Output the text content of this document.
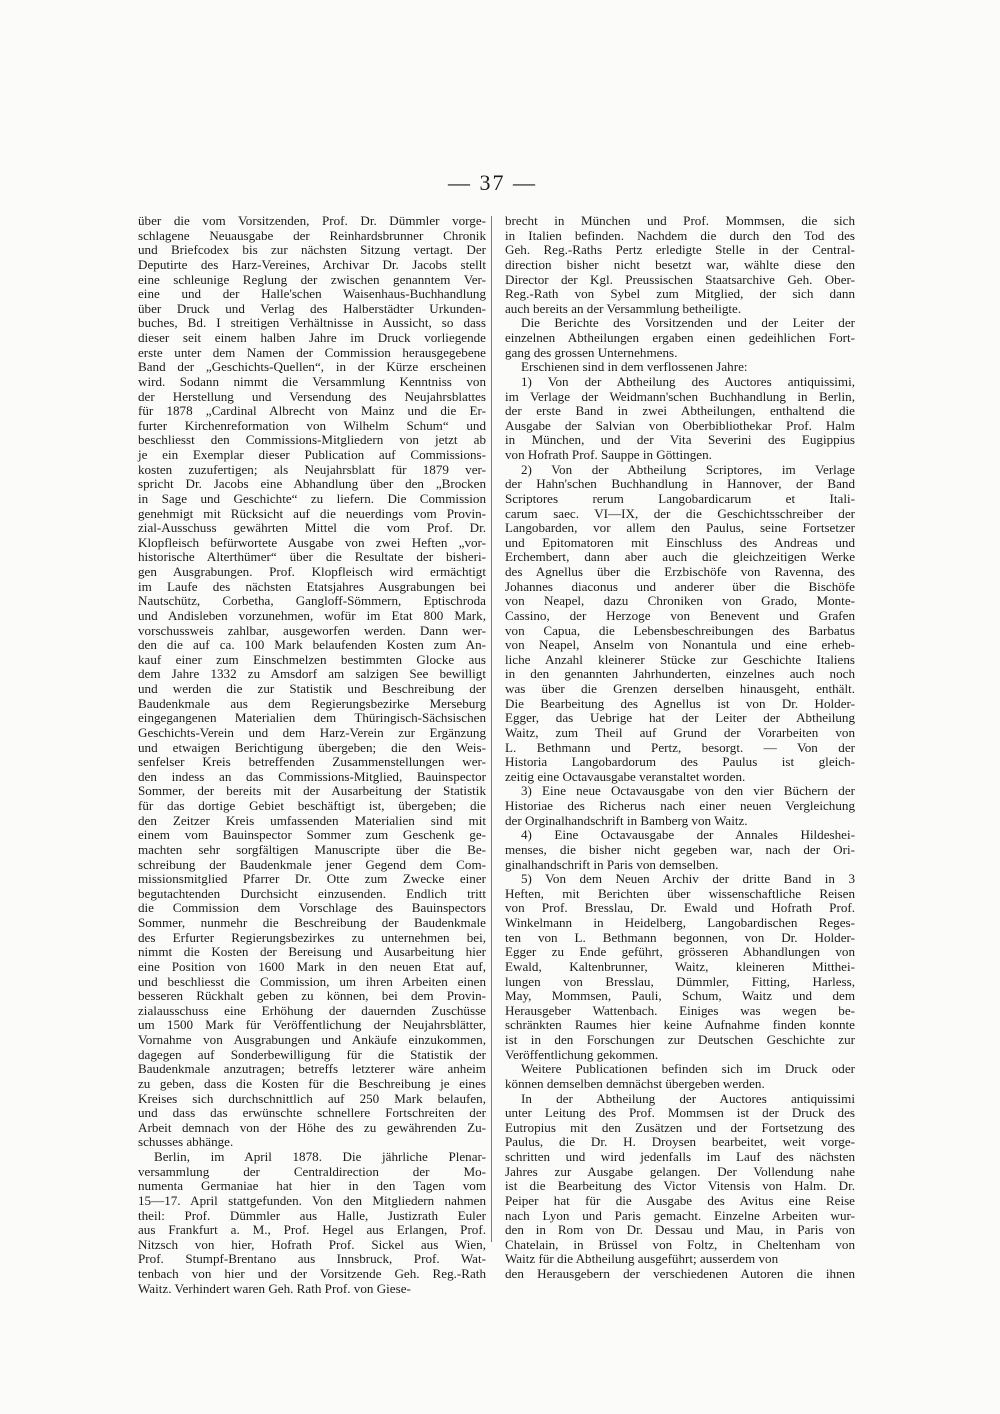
— 37 —
über die vom Vorsitzenden, Prof. Dr. Dümmler vorge-
schlagene Neuausgabe der Reinhardsbrunner Chronik
und Briefcodex bis zur nächsten Sitzung vertagt. Der
Deputirte des Harz-Vereines, Archivar Dr. Jacobs stellt
eine schleunige Reglung der zwischen genanntem Ver-
eine und der Halle'schen Waisenhaus-Buchhandlung
über Druck und Verlag des Halberstädter Urkunden-
buches, Bd. I streitigen Verhältnisse in Aussicht, so dass
dieser seit einem halben Jahre im Druck vorliegende
erste unter dem Namen der Commission herausgegebene
Band der „Geschichts-Quellen“, in der Kürze erscheinen
wird. Sodann nimmt die Versammlung Kenntniss von
der Herstellung und Versendung des Neujahrsblattes
für 1878 „Cardinal Albrecht von Mainz und die Er-
furter Kirchenreformation von Wilhelm Schum“ und
beschliesst den Commissions-Mitgliedern von jetzt ab
je ein Exemplar dieser Publication auf Commissions-
kosten zuzufertigen; als Neujahrsblatt für 1879 ver-
spricht Dr. Jacobs eine Abhandlung über den „Brocken
in Sage und Geschichte“ zu liefern. Die Commission
genehmigt mit Rücksicht auf die neuerdings vom Provin-
zial-Ausschuss gewährten Mittel die vom Prof. Dr.
Klopfleisch befürwortete Ausgabe von zwei Heften „vor-
historische Alterthümer“ über die Resultate der bisheri-
gen Ausgrabungen. Prof. Klopfleisch wird ermächtigt
im Laufe des nächsten Etatsjahres Ausgrabungen bei
Nautschütz, Corbetha, Gangloff-Sömmern, Eptischroda
und Andisleben vorzunehmen, wofür im Etat 800 Mark,
vorschussweis zahlbar, ausgeworfen werden. Dann wer-
den die auf ca. 100 Mark belaufenden Kosten zum An-
kauf einer zum Einschmelzen bestimmten Glocke aus
dem Jahre 1332 zu Amsdorf am salzigen See bewilligt
und werden die zur Statistik und Beschreibung der
Baudenkmale aus dem Regierungsbezirke Merseburg
eingegangenen Materialien dem Thüringisch-Sächsischen
Geschichts-Verein und dem Harz-Verein zur Ergänzung
und etwaigen Berichtigung übergeben; die den Weis-
senfelser Kreis betreffenden Zusammenstellungen wer-
den indess an das Commissions-Mitglied, Bauinspector
Sommer, der bereits mit der Ausarbeitung der Statistik
für das dortige Gebiet beschäftigt ist, übergeben; die
den Zeitzer Kreis umfassenden Materialien sind mit
einem vom Bauinspector Sommer zum Geschenk ge-
machten sehr sorgfältigen Manuscripte über die Be-
schreibung der Baudenkmale jener Gegend dem Com-
missionsmitglied Pfarrer Dr. Otte zum Zwecke einer
begutachtenden Durchsicht einzusenden. Endlich tritt
die Commission dem Vorschlage des Bauinspectors
Sommer, nunmehr die Beschreibung der Baudenkmale
des Erfurter Regierungsbezirkes zu unternehmen bei,
nimmt die Kosten der Bereisung und Ausarbeitung hier
eine Position von 1600 Mark in den neuen Etat auf,
und beschliesst die Commission, um ihren Arbeiten einen
besseren Rückhalt geben zu können, bei dem Provin-
zialausschuss eine Erhöhung der dauernden Zuschüsse
um 1500 Mark für Veröffentlichung der Neujahrsblätter,
Vornahme von Ausgrabungen und Ankäufe einzukommen,
dagegen auf Sonderbewilligung für die Statistik der
Baudenkmale anzutragen; betreffs letzterer wäre anheim
zu geben, dass die Kosten für die Beschreibung je eines
Kreises sich durchschnittlich auf 250 Mark belaufen,
und dass das erwünschte schnellere Fortschreiten der
Arbeit demnach von der Höhe des zu gewährenden Zu-
schusses abhänge.
Berlin, im April 1878. Die jährliche Plenar-
versammlung der Centraldirection der Mo-
numenta Germaniae hat hier in den Tagen vom
15—17. April stattgefunden. Von den Mitgliedern nahmen
theil: Prof. Dümmler aus Halle, Justizrath Euler
aus Frankfurt a. M., Prof. Hegel aus Erlangen, Prof.
Nitzsch von hier, Hofrath Prof. Sickel aus Wien,
Prof. Stumpf-Brentano aus Innsbruck, Prof. Wat-
tenbach von hier und der Vorsitzende Geh. Reg.-Rath
Waitz. Verhindert waren Geh. Rath Prof. von Giese-
brecht in München und Prof. Mommsen, die sich
in Italien befinden. Nachdem die durch den Tod des
Geh. Reg.-Raths Pertz erledigte Stelle in der Central-
direction bisher nicht besetzt war, wählte diese den
Director der Kgl. Preussischen Staatsarchive Geh. Ober-
Reg.-Rath von Sybel zum Mitglied, der sich dann
auch bereits an der Versammlung betheiligte.
Die Berichte des Vorsitzenden und der Leiter der
einzelnen Abtheilungen ergaben einen gedeihlichen Fort-
gang des grossen Unternehmens.
Erschienen sind in dem verflossenen Jahre:
1) Von der Abtheilung des Auctores antiquissimi,
im Verlage der Weidmann'schen Buchhandlung in Berlin,
der erste Band in zwei Abtheilungen, enthaltend die
Ausgabe der Salvian von Oberbibliothekar Prof. Halm
in München, und der Vita Severini des Eugippius
von Hofrath Prof. Sauppe in Göttingen.
2) Von der Abtheilung Scriptores, im Verlage
der Hahn'schen Buchhandlung in Hannover, der Band
Scriptores rerum Langobardicarum et Itali-
carum saec. VI—IX, der die Geschichtsschreiber der
Langobarden, vor allem den Paulus, seine Fortsetzer
und Epitomatoren mit Einschluss des Andreas und
Erchembert, dann aber auch die gleichzeitigen Werke
des Agnellus über die Erzbischöfe von Ravenna, des
Johannes diaconus und anderer über die Bischöfe
von Neapel, dazu Chroniken von Grado, Monte-
Cassino, der Herzoge von Benevent und Grafen
von Capua, die Lebensbeschreibungen des Barbatus
von Neapel, Anselm von Nonantula und eine erheb-
liche Anzahl kleinerer Stücke zur Geschichte Italiens
in den genannten Jahrhunderten, einzelnes auch noch
was über die Grenzen derselben hinausgeht, enthält.
Die Bearbeitung des Agnellus ist von Dr. Holder-
Egger, das Uebrige hat der Leiter der Abtheilung
Waitz, zum Theil auf Grund der Vorarbeiten von
L. Bethmann und Pertz, besorgt. — Von der
Historia Langobardorum des Paulus ist gleich-
zeitig eine Octavausgabe veranstaltet worden.
3) Eine neue Octavausgabe von den vier Büchern der
Historiae des Richerus nach einer neuen Vergleichung
der Orginalhandschrift in Bamberg von Waitz.
4) Eine Octavausgabe der Annales Hildeshei-
menses, die bisher nicht gegeben war, nach der Ori-
ginalhandschrift in Paris von demselben.
5) Von dem Neuen Archiv der dritte Band in 3
Heften, mit Berichten über wissenschaftliche Reisen
von Prof. Bresslau, Dr. Ewald und Hofrath Prof.
Winkelmann in Heidelberg, Langobardischen Reges-
ten von L. Bethmann begonnen, von Dr. Holder-
Egger zu Ende geführt, grösseren Abhandlungen von
Ewald, Kaltenbrunner, Waitz, kleineren Mitthei-
lungen von Bresslau, Dümmler, Fitting, Harless,
May, Mommsen, Pauli, Schum, Waitz und dem
Herausgeber Wattenbach. Einiges was wegen be-
schränkten Raumes hier keine Aufnahme finden konnte
ist in den Forschungen zur Deutschen Geschichte zur
Veröffentlichung gekommen.
Weitere Publicationen befinden sich im Druck oder
können demselben demnächst übergeben werden.
In der Abtheilung der Auctores antiquissimi
unter Leitung des Prof. Mommsen ist der Druck des
Eutropius mit den Zusätzen und der Fortsetzung des
Paulus, die Dr. H. Droysen bearbeitet, weit vorge-
schritten und wird jedenfalls im Lauf des nächsten
Jahres zur Ausgabe gelangen. Der Vollendung nahe
ist die Bearbeitung des Victor Vitensis von Halm. Dr.
Peiper hat für die Ausgabe des Avitus eine Reise
nach Lyon und Paris gemacht. Einzelne Arbeiten wur-
den in Rom von Dr. Dessau und Mau, in Paris von
Chatelain, in Brüssel von Foltz, in Cheltenham von
Waitz für die Abtheilung ausgeführt; ausserdem von
den Herausgebern der verschiedenen Autoren die ihnen
